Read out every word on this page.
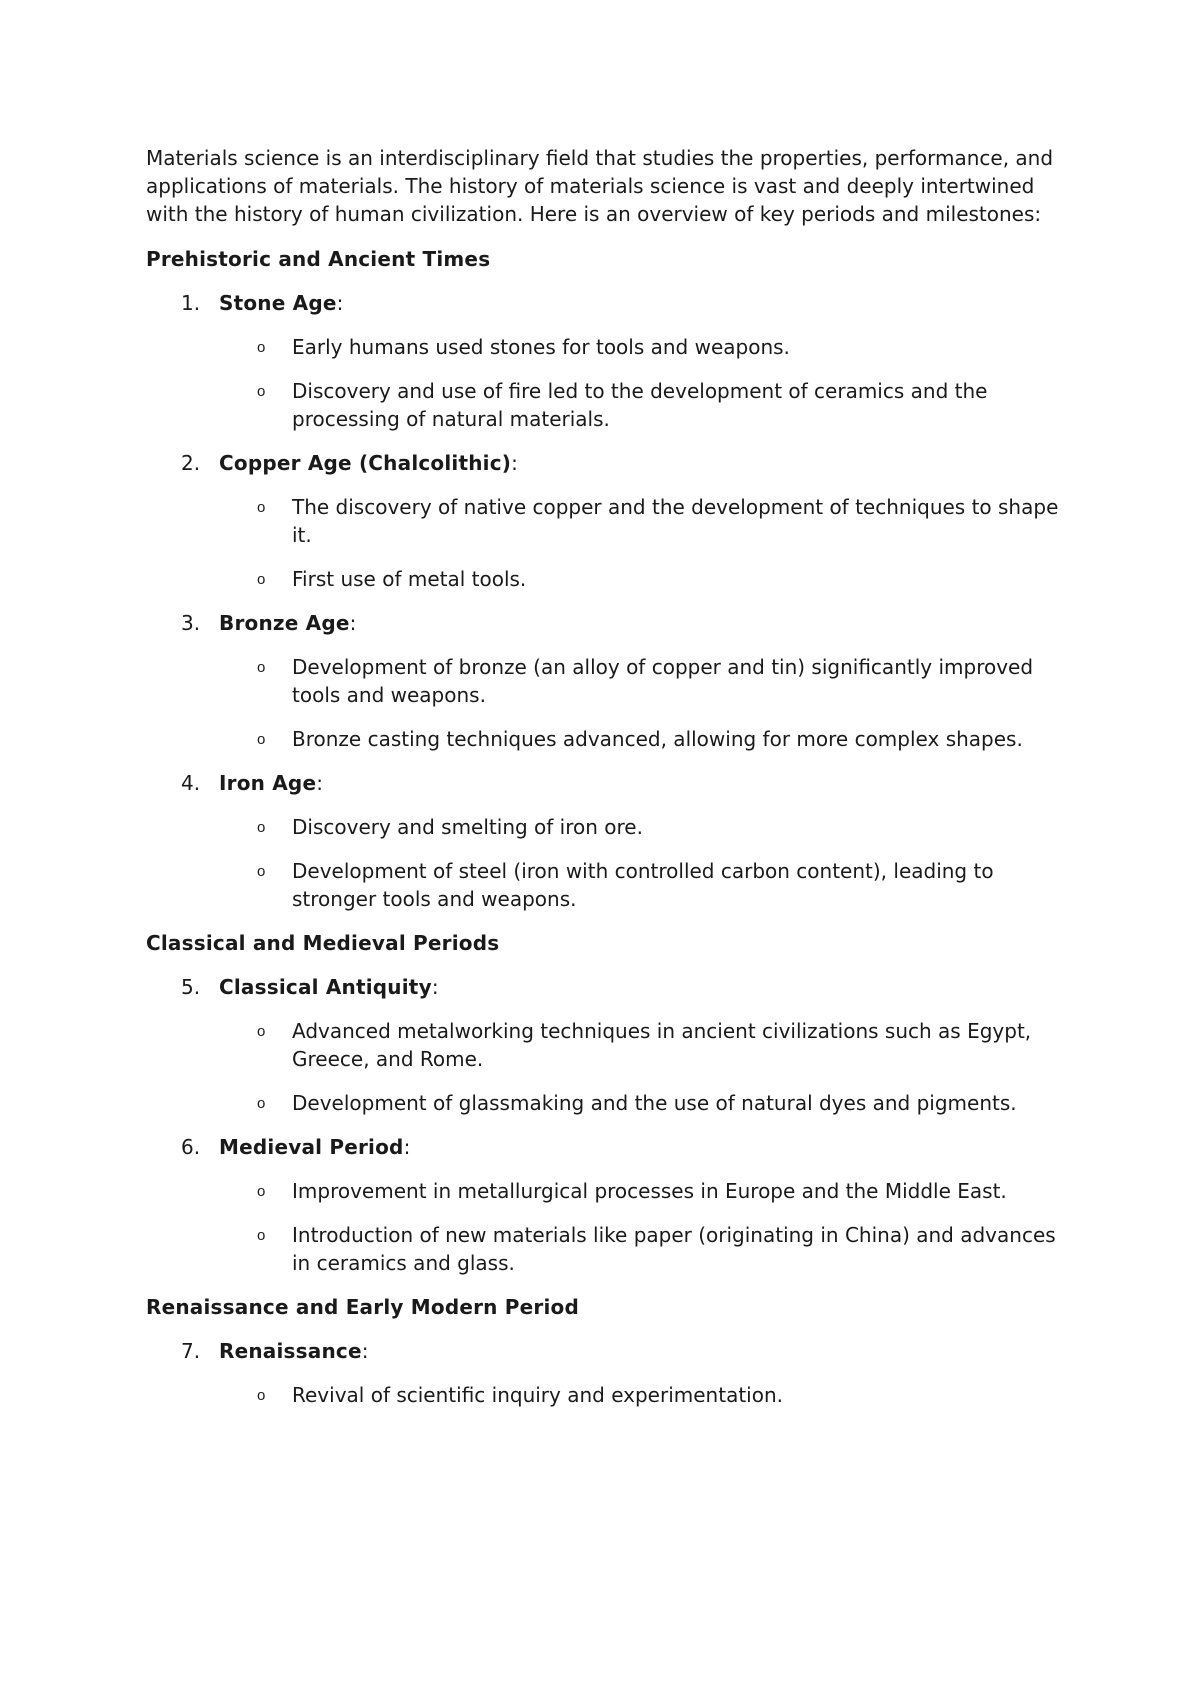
Materials science is an interdisciplinary field that studies the properties, performance, and applications of materials. The history of materials science is vast and deeply intertwined with the history of human civilization. Here is an overview of key periods and milestones:

Prehistoric and Ancient Times
1. Stone Age:
o Early humans used stones for tools and weapons.
o Discovery and use of fire led to the development of ceramics and the processing of natural materials.
2. Copper Age (Chalcolithic):
o The discovery of native copper and the development of techniques to shape it.
o First use of metal tools.
3. Bronze Age:
o Development of bronze (an alloy of copper and tin) significantly improved tools and weapons.
o Bronze casting techniques advanced, allowing for more complex shapes.
4. Iron Age:
o Discovery and smelting of iron ore.
o Development of steel (iron with controlled carbon content), leading to stronger tools and weapons.
Classical and Medieval Periods
5. Classical Antiquity:
o Advanced metalworking techniques in ancient civilizations such as Egypt, Greece, and Rome.
o Development of glassmaking and the use of natural dyes and pigments.
6. Medieval Period:
o Improvement in metallurgical processes in Europe and the Middle East.
o Introduction of new materials like paper (originating in China) and advances in ceramics and glass.
Renaissance and Early Modern Period
7. Renaissance:
o Revival of scientific inquiry and experimentation.
